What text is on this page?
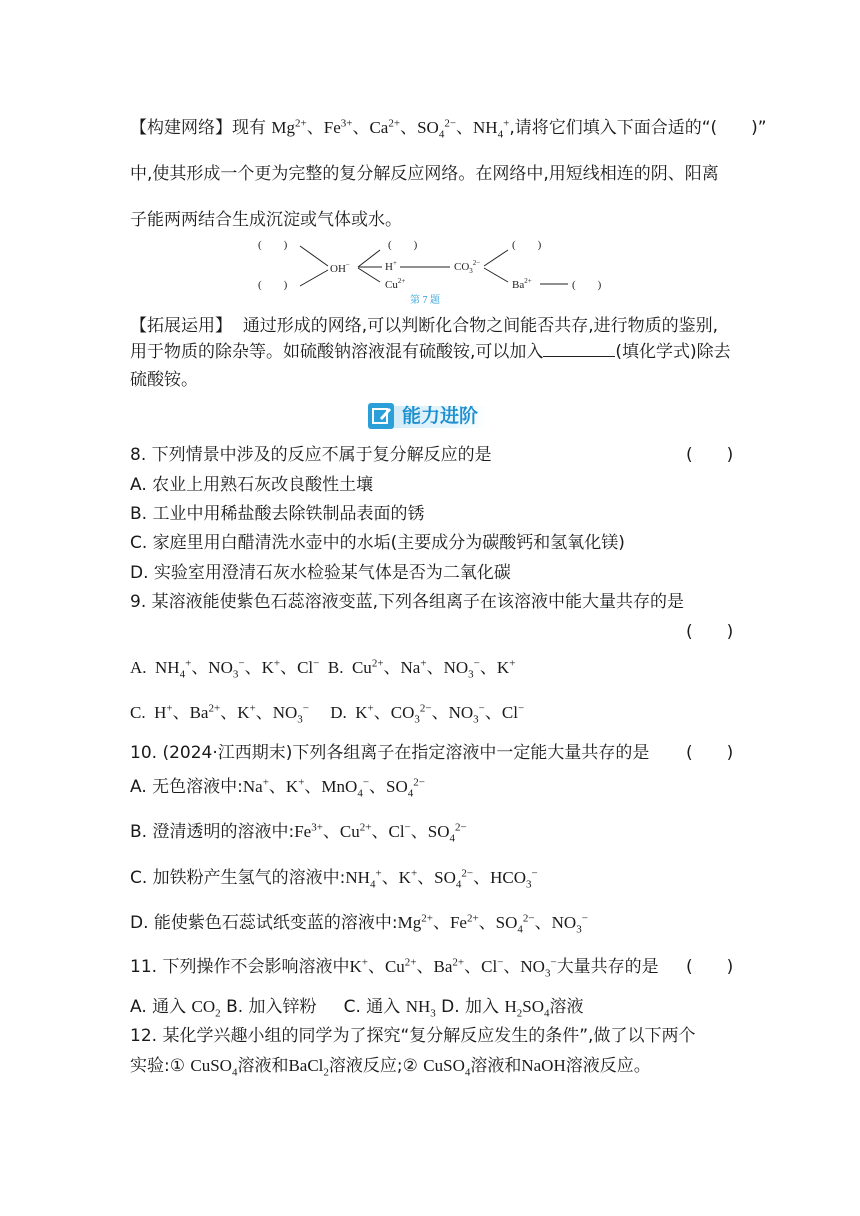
【构建网络】现有 $Mg^{2+}$、$Fe^{3+}$、$Ca^{2+}$、$SO_4^{2-}$、$NH_4^+$,请将它们填入下面合适的“(　　)”
中,使其形成一个更为完整的复分解反应网络。在网络中,用短线相连的阴、阳离
子能两两结合生成沉淀或气体或水。
(　　)
(　　)
OH−
(　　)
H+
$Cu^{2+}$
$CO_3^{2-}$
(　　)
$Ba^{2+}$	(　　)
第 7 题
【拓展运用】 通过形成的网络,可以判断化合物之间能否共存,进行物质的鉴别,
用于物质的除杂等。如硫酸钠溶液混有硫酸铵,可以加入	(填化学式)除去
硫酸铵。
能力进阶
8. 下列情景中涉及的反应不属于复分解反应的是	(　　)
A. 农业上用熟石灰改良酸性土壤
B. 工业中用稀盐酸去除铁制品表面的锈
C. 家庭里用白醋清洗水壶中的水垢(主要成分为碳酸钙和氢氧化镁)
D. 实验室用澄清石灰水检验某气体是否为二氧化碳
9. 某溶液能使紫色石蕊溶液变蓝,下列各组离子在该溶液中能大量共存的是
(　　)
A.  $NH_4^+$、$NO_3^-$、K+、Cl−  B.  $Cu^{2+}$、Na+、$NO_3^-$、K+
C.  H+、$Ba^{2+}$、K+、$NO_3^-$     D.  K+、$CO_3^{2-}$、$NO_3^-$、Cl−
10. (2024·江西期末)下列各组离子在指定溶液中一定能大量共存的是 (　　)
A. 无色溶液中:Na+、K+、MnO$_4$−、$SO_4^{2-}$
B. 澄清透明的溶液中$:Fe^{3+}$、$Cu^{2+}$、Cl−、$SO_4^{2-}$
C. 加铁粉产生氢气的溶液中$:NH_4^+$、K+、$SO_4^{2-}$、$HCO_3^-$
D. 能使紫色石蕊试纸变蓝的溶液中$:Mg^{2+}$、$Fe^{2+}$、$SO_4^{2-}$、$NO_3^-$
11. 下列操作不会影响溶液中K+、$Cu^{2+}$、$Ba^{2+}$、Cl−、$NO_3^-$大量共存的是 (　　)
A. 通入 $CO_2$ B. 加入锌粉 C. 通入 $NH_3$ D. 加入 $H_2SO_4$溶液
12. 某化学兴趣小组的同学为了探究“复分解反应发生的条件”,做了以下两个
实验:① CuSO$_4$溶液和BaCl$_2$溶液反应;② CuSO$_4$溶液和NaOH溶液反应。
